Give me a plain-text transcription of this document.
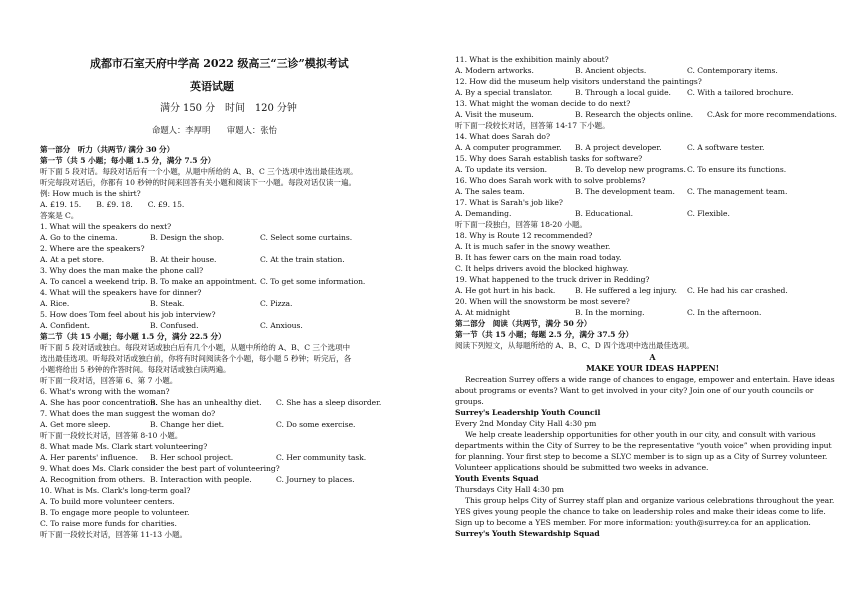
成都市石室天府中学高 2022 级高三“三诊”模拟考试
英语试题
满分 150 分　时间　120 分钟
命题人：李厚明　　审题人：张怡
第一部分　听力（共两节/ 满分 30 分）
第一节（共 5 小题；每小题 1.5 分，满分 7.5 分）
听下面 5 段对话。每段对话后有一个小题，从题中所给的 A、B、C 三个选项中选出最佳选项。
听完每段对话后，你都有 10 秒钟的时间来回答有关小题和阅读下一小题。每段对话仅读一遍。
例: How much is the shirt?
A. £19. 15.　　B. £9. 18.　　C. £9. 15.
答案是 C。
1. What will the speakers do next?
A. Go to the cinema.	B. Design the shop.	C. Select some curtains.
2. Where are the speakers?
A. At a pet store.	B. At their house.	C. At the train station.
3. Why does the man make the phone call?
A. To cancel a weekend trip. B. To make an appointment. C. To get some information.
4. What will the speakers have for dinner?
A. Rice.	B. Steak.	C. Pizza.
5. How does Tom feel about his job interview?
A. Confident.	B. Confused.	C. Anxious.
第二节（共 15 小题；每小题 1.5 分，满分 22.5 分）
听下面 5 段对话或独白。每段对话或独白后有几个小题，从题中所给的 A、B、C 三个选项中
选出最佳选项。听每段对话或独白前，你将有时间阅读各个小题，每小题 5 秒钟；听完后，各
小题将给出 5 秒钟的作答时间。每段对话或独白读两遍。
听下面一段对话，回答第 6、第 7 小题。
6. What's wrong with the woman?
A. She has poor concentration.
B. She has an unhealthy diet. C. She has a sleep disorder.
7. What does the man suggest the woman do?
A. Get more sleep.	B. Change her diet.	C. Do some exercise.
听下面一段较长对话，回答第 8-10 小题。
8. What made Ms. Clark start volunteering?
A. Her parents' influence. B. Her school project.	C. Her community task.
9. What does Ms. Clark consider the best part of volunteering?
A. Recognition from others. B. Interaction with people.	C. Journey to places.
10. What is Ms. Clark's long-term goal?
A. To build more volunteer centers.
B. To engage more people to volunteer.
C. To raise more funds for charities.
听下面一段较长对话，回答第 11-13 小题。
11. What is the exhibition mainly about?
A. Modern artworks.	B. Ancient objects.	C. Contemporary items.
12. How did the museum help visitors understand the paintings?
A. By a special translator.	B. Through a local guide. C. With a tailored brochure.
13. What might the woman decide to do next?
A. Visit the museum.	B. Research the objects online. C.Ask for more recommendations.
听下面一段较长对话，回答第 14-17 下小题。
14. What does Sarah do?
A. A computer programmer. B. A project developer.	C. A software tester.
15. Why does Sarah establish tasks for software?
A. To update its version.	B. To develop new programs. C. To ensure its functions.
16. Who does Sarah work with to solve problems?
A. The sales team.	B. The development team. C. The management team.
17. What is Sarah's job like?
A. Demanding.	B. Educational.	C. Flexible.
听下面一段独白，回答第 18-20 小题。
18. Why is Route 12 recommended?
A. It is much safer in the snowy weather.
B. It has fewer cars on the main road today.
C. It helps drivers avoid the blocked highway.
19. What happened to the truck driver in Redding?
A. He got hurt in his back.	B. He suffered a leg injury. C. He had his car crashed.
20. When will the snowstorm be most severe?
A. At midnight	B. In the morning.	C. In the afternoon.
第二部分　阅读（共两节，满分 50 分）
第一节（共 15 小题；每题 2.5 分，满分 37.5 分）
阅读下列短文，从每题所给的 A、B、C、D 四个选项中选出最佳选项。
A
MAKE YOUR IDEAS HAPPEN!
Recreation Surrey offers a wide range of chances to engage, empower and entertain. Have ideas
about programs or events? Want to get involved in your city? Join one of our youth councils or
groups.
Surrey's Leadership Youth Council
Every 2nd Monday City Hall 4:30 pm
We help create leadership opportunities for other youth in our city, and consult with various
departments within the City of Surrey to be the representative “youth voice” when providing input
for planning. Your first step to become a SLYC member is to sign up as a City of Surrey volunteer.
Volunteer applications should be submitted two weeks in advance.
Youth Events Squad
Thursdays City Hall 4:30 pm
This group helps City of Surrey staff plan and organize various celebrations throughout the year.
YES gives young people the chance to take on leadership roles and make their ideas come to life.
Sign up to become a YES member. For more information: youth@surrey.ca for an application.
Surrey's Youth Stewardship Squad
